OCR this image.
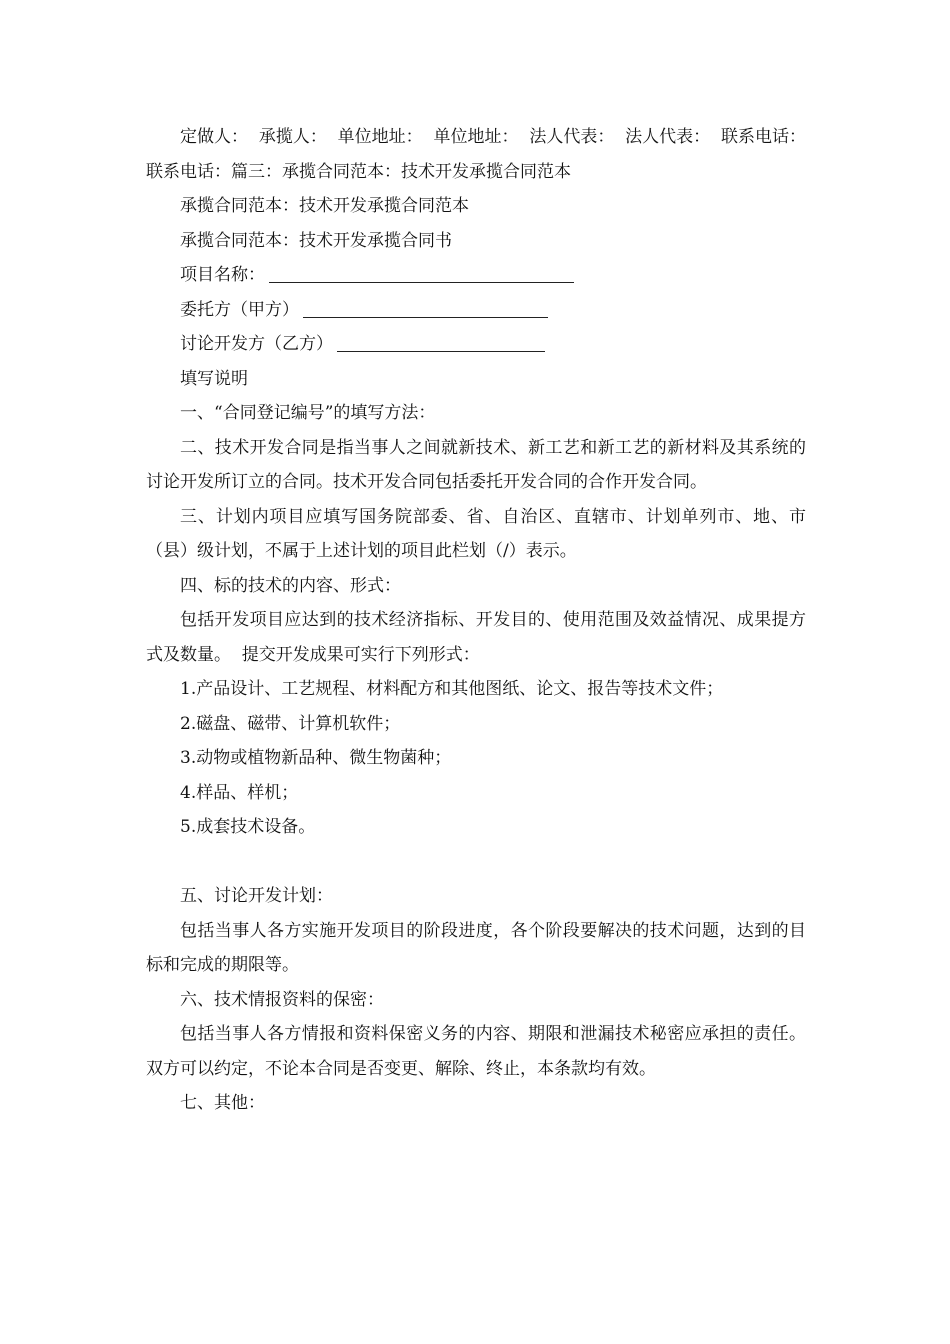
定做人：  承揽人：  单位地址：  单位地址：  法人代表：  法人代表：  联系电话：  联系电话：篇三：承揽合同范本：技术开发承揽合同范本

承揽合同范本：技术开发承揽合同范本

承揽合同范本：技术开发承揽合同书

项目名称：

委托方（甲方）

讨论开发方（乙方）

填写说明

一、“合同登记编号”的填写方法：

二、技术开发合同是指当事人之间就新技术、新工艺和新工艺的新材料及其系统的讨论开发所订立的合同。技术开发合同包括委托开发合同的合作开发合同。

三、计划内项目应填写国务院部委、省、自治区、直辖市、计划单列市、地、市（县）级计划，不属于上述计划的项目此栏划（/）表示。

四、标的技术的内容、形式：

包括开发项目应达到的技术经济指标、开发目的、使用范围及效益情况、成果提方式及数量。  提交开发成果可实行下列形式：

1.产品设计、工艺规程、材料配方和其他图纸、论文、报告等技术文件；

2.磁盘、磁带、计算机软件；

3.动物或植物新品种、微生物菌种；

4.样品、样机；

5.成套技术设备。

五、讨论开发计划：

包括当事人各方实施开发项目的阶段进度，各个阶段要解决的技术问题，达到的目标和完成的期限等。

六、技术情报资料的保密：

包括当事人各方情报和资料保密义务的内容、期限和泄漏技术秘密应承担的责任。双方可以约定，不论本合同是否变更、解除、终止，本条款均有效。

七、其他：
